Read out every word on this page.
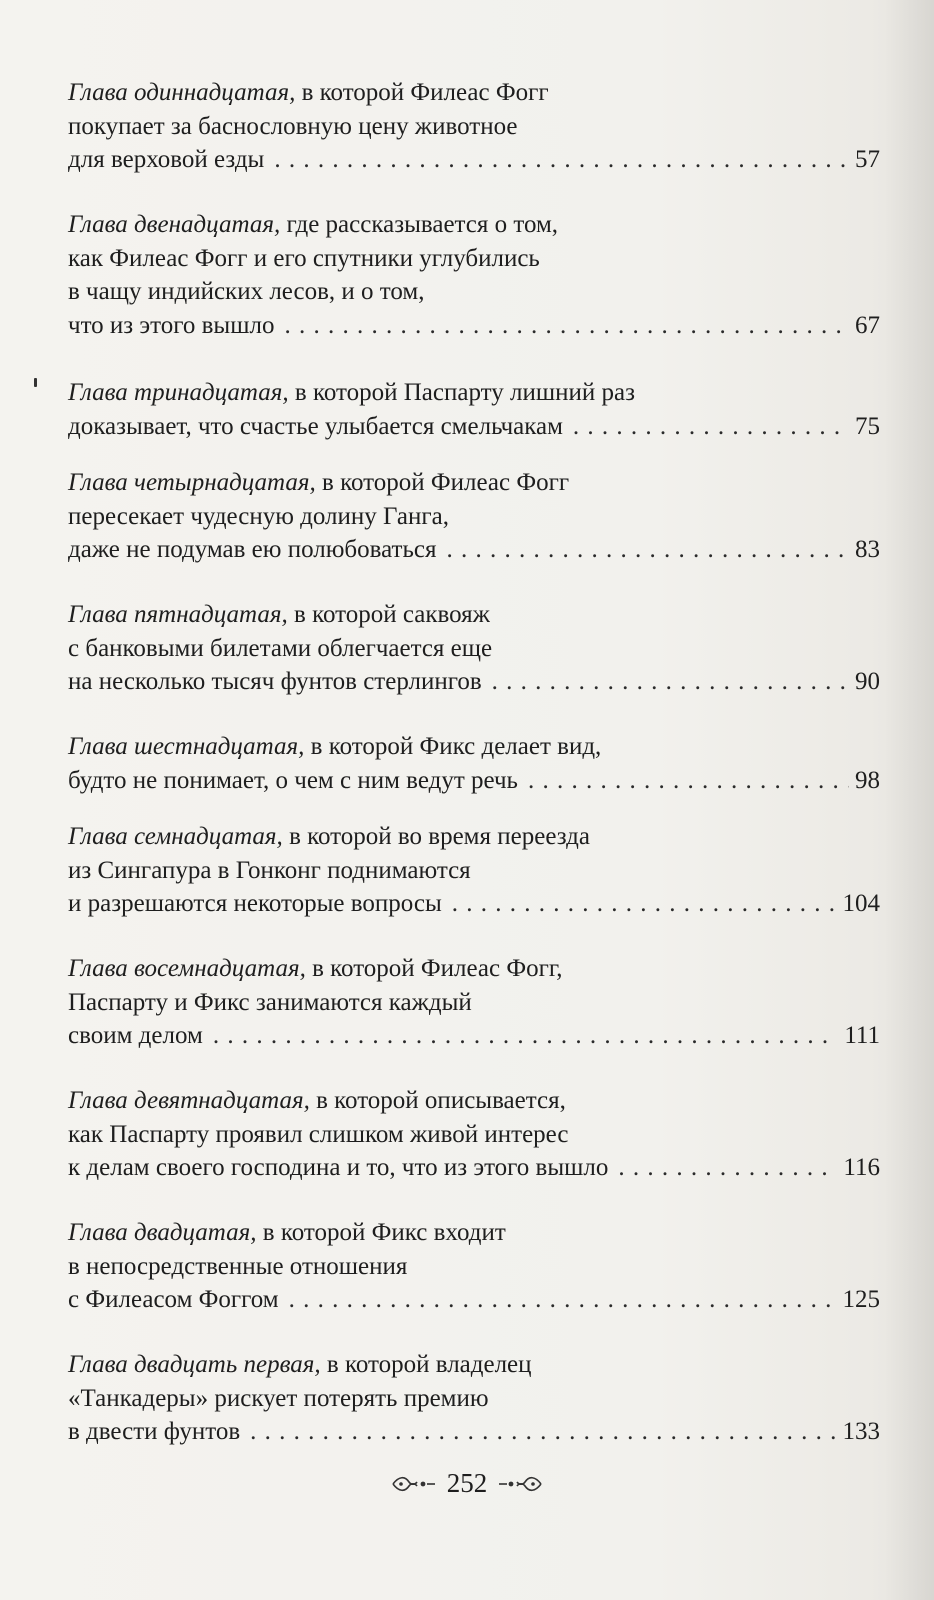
Глава одиннадцатая, в которой Филеас Фогг
покупает за баснословную цену животное
для верховой езды . . .	57
Глава двенадцатая, где рассказывается о том,
как Филеас Фогг и его спутники углубились
в чащу индийских лесов, и о том,
что из этого вышло . . .	67
Глава тринадцатая, в которой Паспарту лишний раз
доказывает, что счастье улыбается смельчакам . . .	75
Глава четырнадцатая, в которой Филеас Фогг
пересекает чудесную долину Ганга,
даже не подумав ею полюбоваться . . .	83
Глава пятнадцатая, в которой саквояж
с банковыми билетами облегчается еще
на несколько тысяч фунтов стерлингов . . .	90
Глава шестнадцатая, в которой Фикс делает вид,
будто не понимает, о чем с ним ведут речь . . .	98
Глава семнадцатая, в которой во время переезда
из Сингапура в Гонконг поднимаются
и разрешаются некоторые вопросы . . .	104
Глава восемнадцатая, в которой Филеас Фогг,
Паспарту и Фикс занимаются каждый
своим делом . . .	111
Глава девятнадцатая, в которой описывается,
как Паспарту проявил слишком живой интерес
к делам своего господина и то, что из этого вышло . . .	116
Глава двадцатая, в которой Фикс входит
в непосредственные отношения
с Филеасом Фоггом . . .	125
Глава двадцать первая, в которой владелец
«Танкадеры» рискует потерять премию
в двести фунтов . . .	133
252
